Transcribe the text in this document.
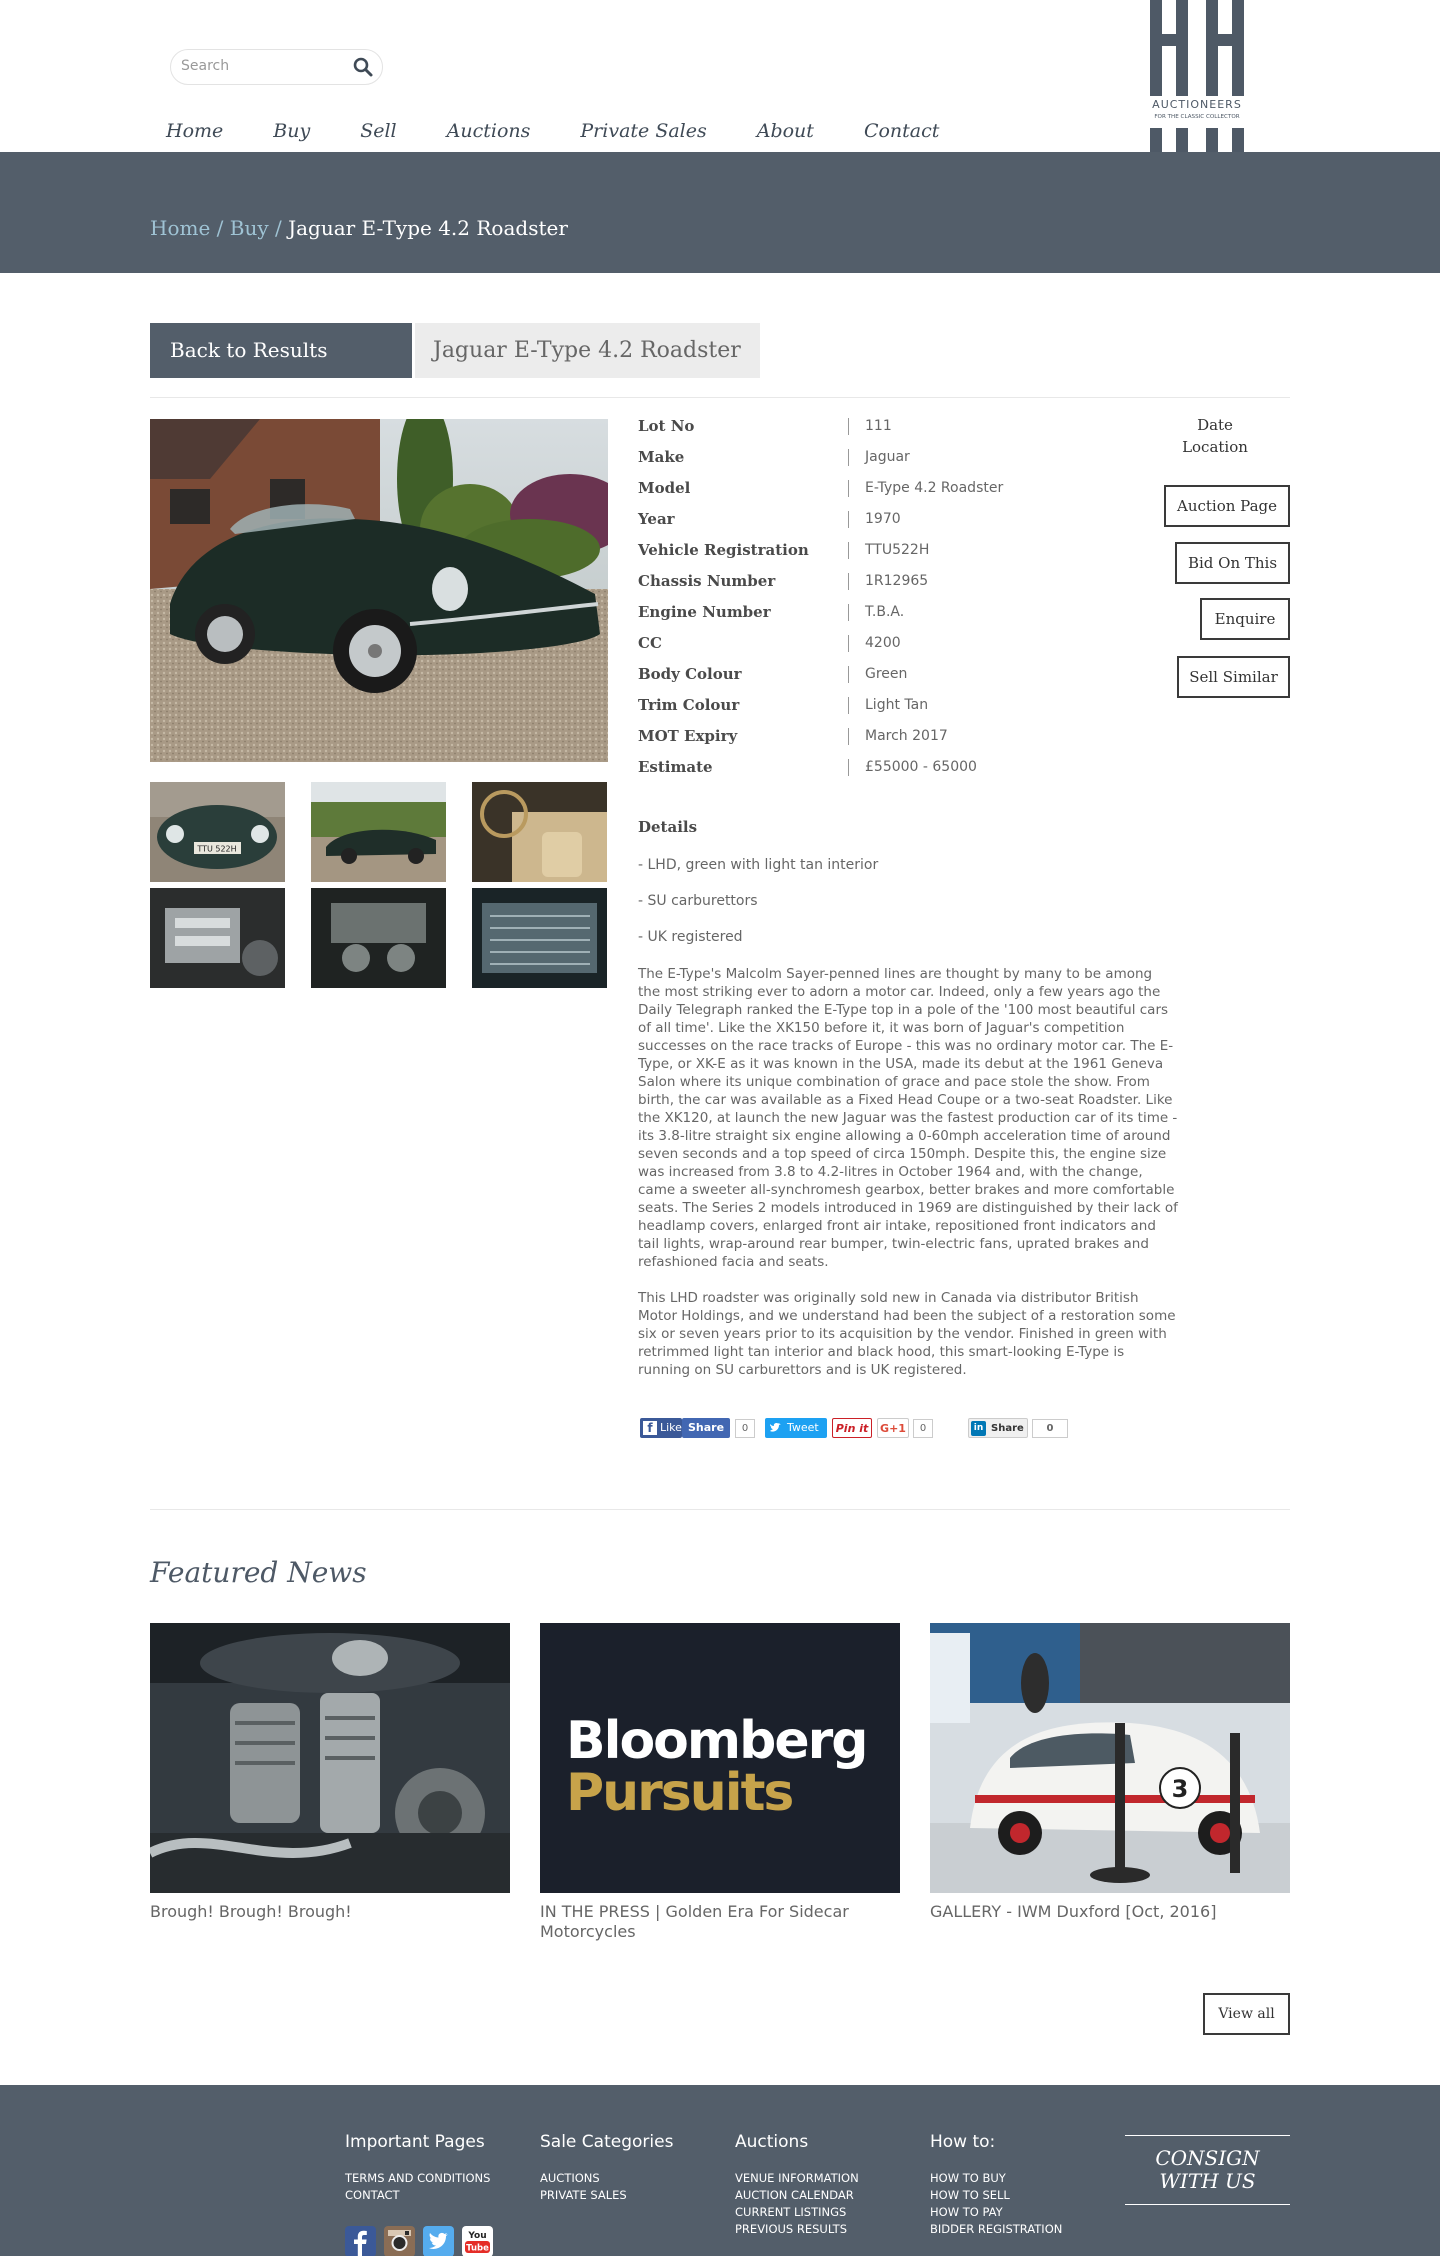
Search
Home	Buy	Sell	Auctions	Private Sales	About	Contact
AND
AUCTIONEERS
FOR THE CLASSIC COLLECTOR
Home / Buy / Jaguar E-Type 4.2 Roadster
Back to Results	Jaguar E-Type 4.2 Roadster
TTU 522H
Lot No	111
Make	Jaguar
Model	E-Type 4.2 Roadster
Year	1970
Vehicle Registration	TTU522H
Chassis Number	1R12965
Engine Number	T.B.A.
CC	4200
Body Colour	Green
Trim Colour	Light Tan
MOT Expiry	March 2017
Estimate	£55000 - 65000
Date
Location
Auction Page
Bid On This
Enquire
Sell Similar
Details
- LHD, green with light tan interior
- SU carburettors
- UK registered

The E-Type's Malcolm Sayer-penned lines are thought by many to be among the most striking ever to adorn a motor car. Indeed, only a few years ago the Daily Telegraph ranked the E-Type top in a pole of the '100 most beautiful cars of all time'. Like the XK150 before it, it was born of Jaguar's competition successes on the race tracks of Europe - this was no ordinary motor car. The E-Type, or XK-E as it was known in the USA, made its debut at the 1961 Geneva Salon where its unique combination of grace and pace stole the show. From birth, the car was available as a Fixed Head Coupe or a two-seat Roadster. Like the XK120, at launch the new Jaguar was the fastest production car of its time - its 3.8-litre straight six engine allowing a 0-60mph acceleration time of around seven seconds and a top speed of circa 150mph. Despite this, the engine size was increased from 3.8 to 4.2-litres in October 1964 and, with the change, came a sweeter all-synchromesh gearbox, better brakes and more comfortable seats. The Series 2 models introduced in 1969 are distinguished by their lack of headlamp covers, enlarged front air intake, repositioned front indicators and tail lights, wrap-around rear bumper, twin-electric fans, uprated brakes and refashioned facia and seats.

This LHD roadster was originally sold new in Canada via distributor British Motor Holdings, and we understand had been the subject of a restoration some six or seven years prior to its acquisition by the vendor. Finished in green with retrimmed light tan interior and black hood, this smart-looking E-Type is running on SU carburettors and is UK registered.

f Like Share	0	Tweet	Pin it	G+1	0	in Share	0
Featured News
Bloomberg
Pursuits	3
Brough! Brough! Brough!	IN THE PRESS | Golden Era For Sidecar Motorcycles
GALLERY - IWM Duxford [Oct, 2016]
View all
Important Pages
TERMS AND CONDITIONS
CONTACT
Sale Categories
AUCTIONS
PRIVATE SALES
Auctions
VENUE INFORMATION
AUCTION CALENDAR
CURRENT LISTINGS
PREVIOUS RESULTS
How to:
HOW TO BUY
HOW TO SELL
HOW TO PAY
BIDDER REGISTRATION
CONSIGN
WITH US
You
Tube
